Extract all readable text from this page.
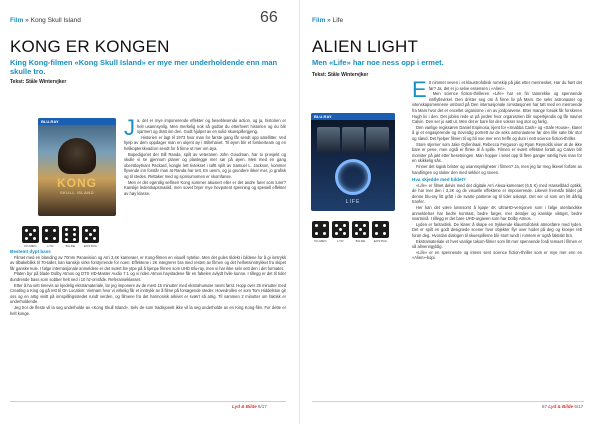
Film » Kong Skull Island	66
KONG ER KONGEN
King Kong-filmen «Kong Skull Island» er mye mer underholdende enn man skulle tro.
Tekst: Ståle Wintervjker
BLU-RAY
KONG
SKULL ISLAND
FILMEN	LYD	BILDE	EKSTRA

Ja, det er mye imponerende effekter og heseblesende action, og ja, historien er helt usannsynlig. Men merkelig nok så godtar du etterhvert historien og du blir sjarmert og dratt inn den. Godt hjulpet av en solid skuespillergjeng.

Historien er lagt til 1973 hvor man for første gang får sendt opp satellitter. Ved hjelp av dem oppdager man en ukjent øy i Stillehavet. Til øyen blir et forskerteam og en helikopterskvadron sendt for å finne ut mer om øya.

Bopedigoriet der Bill Randa, spilt av veteranen John Goodman, har to prosjekt og skulle vi se gjennom planer og planlegge mer sør på øyen. Men med en gang oberstløytnant Packard, kongle lett tivtekset i tøftt spilt av Samuel L. Jackson, kommer flyvende inn forstår man at Randa har rett. En uenm, og jo grundere ikker mer, jo grafisk og til stedes. Rettaker med og sjonsumomen er skomfanse.

Men er det egentlig selfisen Kong sommer akusiert eller er det andre farer som lurer? Kanskje lederskapsmaskil, men sovet bryer mye hevpotent spenning og spesiell effekter av høy klasse.

Bestemt dypt bass

Filmet med en blanding av 70mm Panavision og Arri 3,4K kameraer, er Kong-filmen en visuell nytelse. Men det gules tildekt i bildene for å gi inntrykk av tilbakeblikk til 70-tallet, kan kanskje virke forstyrrende for noen. Effektene i 2K integrerer bra med resten av filmen og det helhetsinntrykket fra skipet får ganske kule. I følge internasjonale anmeldere er det svært lite ytpe på å kjenpe filmen som UHD Blu-ray, men vi har ikke selv sett den i det formatet.

Platen byr på blade Dolby Atmos og DTS HD-Master Audio 7.1 og vi riden Atmos haystadene får en fabelen avlydt hvile kunne. I tillegg er det til tider dundrende bass som sobber helt ned i 10 hz-område. Referanseklasset.

Etter å ha sett timevis av kjedelig ekstramateriale, lar jeg imponere av de mest 15 minutter med ekstrahumøre nevnt først. Hopp over 25 minutter med Creating a King og gå rett til On Location: Vietnam hvor vi virkelig får et inntrykk av å filme på forsøgende steder. Hovedrollen er som Tom Hiddelston gir oss og en artig visitt på innspillingsstedet rundt verden, og filmene fra det harmonisk arkivet er svært så artig. Til sammen 2 minutter om faktisk er underholdende.

Jeg tror de fleste vil la seg underholde av «Kong Skull Island». Selv de som tradisjonelt ikke vil la seg underholde av en King Kong-film. For dette er helt konge.

Lyd & Bilde 6/17
Film » Life
ALIEN LIGHT
Men «Life» har noe ness opp i ermet.
Tekst: Ståle Wintervjker
BLU-RAY
LIFE
FILMEN	LYD	BILDE	EKSTRA

Ett nimmet veven i et klaustrofobisk romskip på jakt etter mennesket. Har du hørt det før? Ja, det er jo selve essensen i «Alien».

Men science fiction-thrilleren «Life» har en fin tannrekke og spennende innflytlsvirkel. Den drister seg om å finne liv på Mars. De seks astronauter og vitenskapsmennene ombord på Den internasjonale romstasjonen har tatt med en merroende fra Mars hvor det er encellet organisme i en av jordprøvene. Etter mange forsøk får forskeren Hugh liv i den. Det jubles rede ut på jorden hvor organismen blir superkjendis og får navnet Calvin. Den ser jo søtt ut. Men det er bare før den vokser seg stor og farlig.

Den vanlige regissøren Daniel Espinosa, kjent for «Snabba Cash» og «Safe House», klarer å gi et engasjerende og troverdig portrett av de seks astronautene før den lille søte blir stor og sløvd. Det hjelper filmen til og bli noe mer enn treffe og dum i nett science fiction-thriller.

Store stjerner som Jake Gyllenhaal, Rebecca Ferguson og Ryan Reynolds viser at de ikke bare er pene, men også er flinke til å spille. Filmen er svært effektivt fortalt og Calvin blir monster på jakt etter besetningen. Man hopper i setet opp til flere ganger særlig hvis man for en skikkelig sås.

Finner det logisk brister og usannsynligheter i filmen? Ja, men jeg lar meg likevel forføre av handlingen og sluker den med sekker og sneen.

Hva skjedde med bildet?

«Life» er filmet delvis med det digitale Arri Alexa-kameraet (6,5 K) med Hasselblad optikk, de har mer den i 3,2K og de visuelle effektene er imponerende. Likevel fremstår bildet på denne blu-ray litt grått i de svarte partiene og til tider uskarpt. Det ser ut som om litt dårlig tranfer.

Her kan det være lønnsomt å kjøpe 4K UltraHD-versjonen som i følge utenlandske anmeldelser har bedre kontrast, bedre farger, mer detaljer og kanskje viktigst, bedre svartnivå. I tillegg er det bare UHD-utgaven som har Dolby Atmos.

Lyden er fantastisk. De klarer å skape en trykkende klaustrofobisk atmosfære med lyden. Det er spilt en godt designede scener hvor objekter flyr over hodet på deg og kroejer rett foran deg. Hvordan dialogen til skuespillerne blir stort rundt i romtem er også faktiskt bra.

Ekstramateriale et hvet vanlige takom-filmer som litt mer spennende fordi temaet i filmen er så almenngyldig.

«Life» er en spennende og intens sent science fiction-thriller som er mye mer enn en «Alien»-kopi.

67 Lyd & Bilde 6/17
